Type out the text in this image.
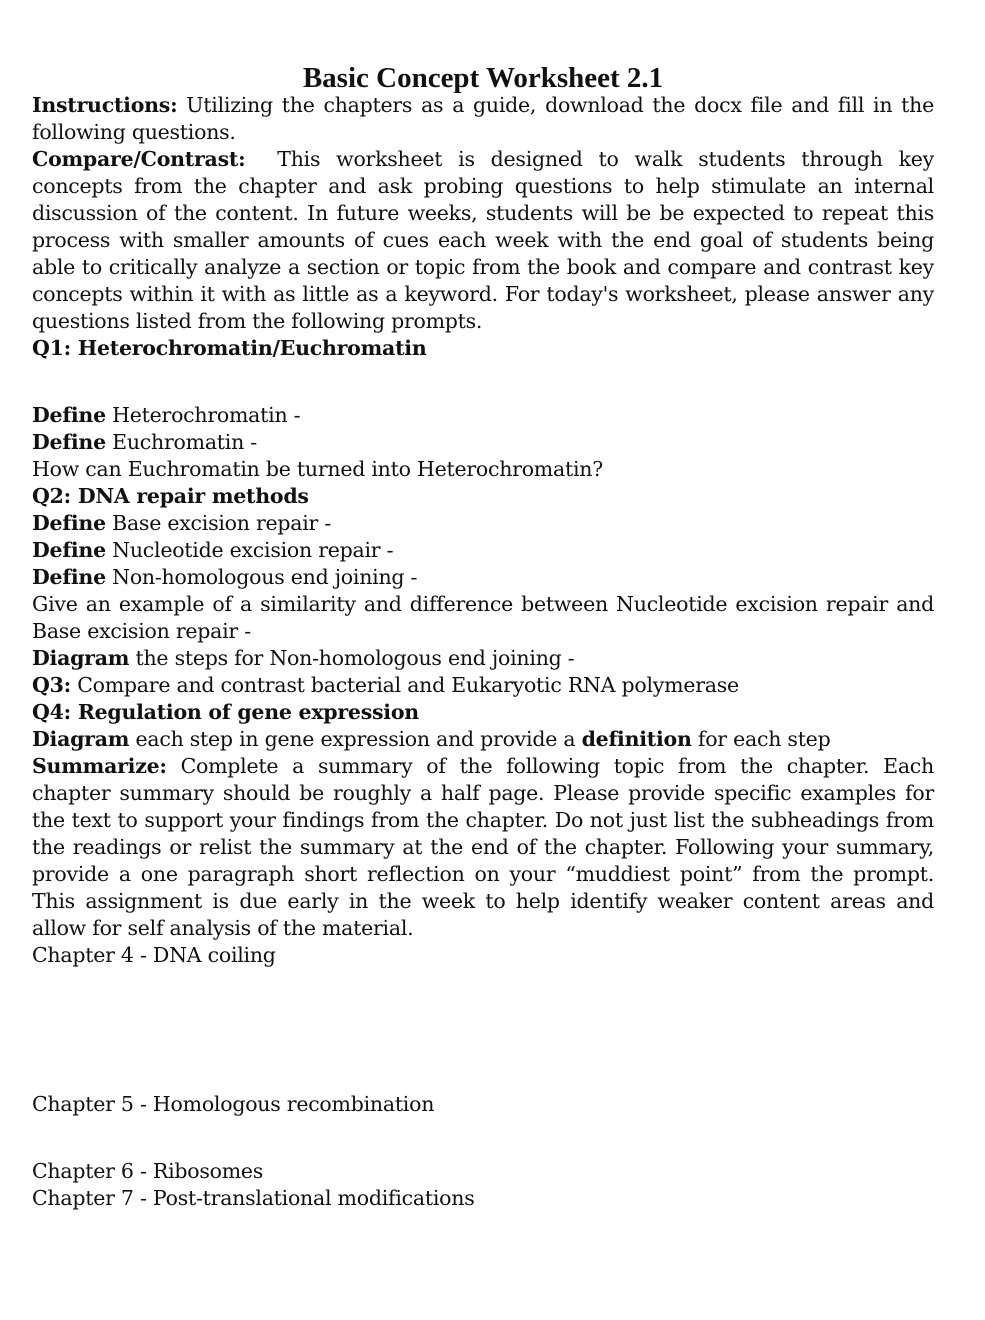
Basic Concept Worksheet 2.1

Instructions: Utilizing the chapters as a guide, download the docx file and fill in the following questions.

Compare/Contrast:  This worksheet is designed to walk students through key concepts from the chapter and ask probing questions to help stimulate an internal discussion of the content. In future weeks, students will be be expected to repeat this process with smaller amounts of cues each week with the end goal of students being able to critically analyze a section or topic from the book and compare and contrast key concepts within it with as little as a keyword. For today's worksheet, please answer any questions listed from the following prompts.

Q1: Heterochromatin/Euchromatin

Define Heterochromatin -

Define Euchromatin -

How can Euchromatin be turned into Heterochromatin?

Q2: DNA repair methods

Define Base excision repair -

Define Nucleotide excision repair -

Define Non-homologous end joining -

Give an example of a similarity and difference between Nucleotide excision repair and Base excision repair -

Diagram the steps for Non-homologous end joining -

Q3: Compare and contrast bacterial and Eukaryotic RNA polymerase

Q4: Regulation of gene expression

Diagram each step in gene expression and provide a definition for each step

Summarize: Complete a summary of the following topic from the chapter. Each chapter summary should be roughly a half page. Please provide specific examples for the text to support your findings from the chapter. Do not just list the subheadings from the readings or relist the summary at the end of the chapter. Following your summary, provide a one paragraph short reflection on your “muddiest point” from the prompt. This assignment is due early in the week to help identify weaker content areas and allow for self analysis of the material.

Chapter 4 - DNA coiling

Chapter 5 - Homologous recombination

Chapter 6 - Ribosomes

Chapter 7 - Post-translational modifications
